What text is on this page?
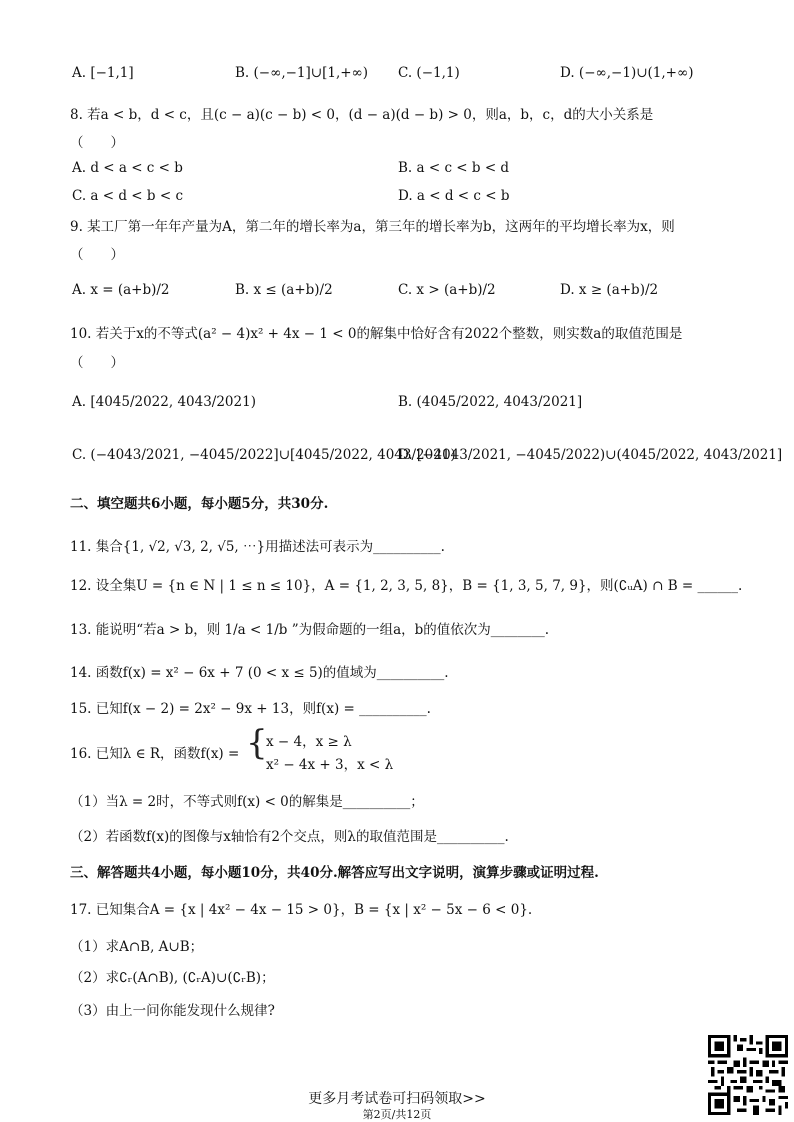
A. [−1,1]	B. (−∞,−1]∪[1,+∞) C. (−1,1)	D. (−∞,−1)∪(1,+∞)
8. 若a < b，d < c，且(c − a)(c − b) < 0，(d − a)(d − b) > 0，则a，b，c，d的大小关系是
（　　）
A. d < a < c < b	B. a < c < b < d
C. a < d < b < c	D. a < d < c < b
9. 某工厂第一年年产量为A，第二年的增长率为a，第三年的增长率为b，这两年的平均增长率为x，则
（　　）
A. x = (a+b)/2	B. x ≤ (a+b)/2	C. x > (a+b)/2	D. x ≥ (a+b)/2
10. 若关于x的不等式(a² − 4)x² + 4x − 1 < 0的解集中恰好含有2022个整数，则实数a的取值范围是
（　　）
A. [4045/2022, 4043/2021)	B. (4045/2022, 4043/2021]
C. (−4043/2021, −4045/2022]∪[4045/2022, 4043/2021)
D. [−4043/2021, −4045/2022)∪(4045/2022, 4043/2021]
二、填空题共6小题，每小题5分，共30分.
11. 集合{1, √2, √3, 2, √5, ⋯}用描述法可表示为__________.
12. 设全集U = {n ∈ N | 1 ≤ n ≤ 10}，A = {1, 2, 3, 5, 8}，B = {1, 3, 5, 7, 9}，则(∁ᵤA) ∩ B = ______.
13. 能说明“若a > b，则 1/a < 1/b ”为假命题的一组a，b的值依次为________.
14. 函数f(x) = x² − 6x + 7 (0 < x ≤ 5)的值域为__________.
15. 已知f(x − 2) = 2x² − 9x + 13，则f(x) = __________.
16. 已知λ ∈ R，函数f(x) = {
x − 4，x ≥ λ
x² − 4x + 3，x < λ
（1）当λ = 2时，不等式则f(x) < 0的解集是__________；
（2）若函数f(x)的图像与x轴恰有2个交点，则λ的取值范围是__________.
三、解答题共4小题，每小题10分，共40分.解答应写出文字说明，演算步骤或证明过程.
17. 已知集合A = {x | 4x² − 4x − 15 > 0}，B = {x | x² − 5x − 6 < 0}.
（1）求A∩B, A∪B；
（2）求∁ᵣ(A∩B), (∁ᵣA)∪(∁ᵣB)；
（3）由上一问你能发现什么规律?
更多月考试卷可扫码领取>>
第2页/共12页
